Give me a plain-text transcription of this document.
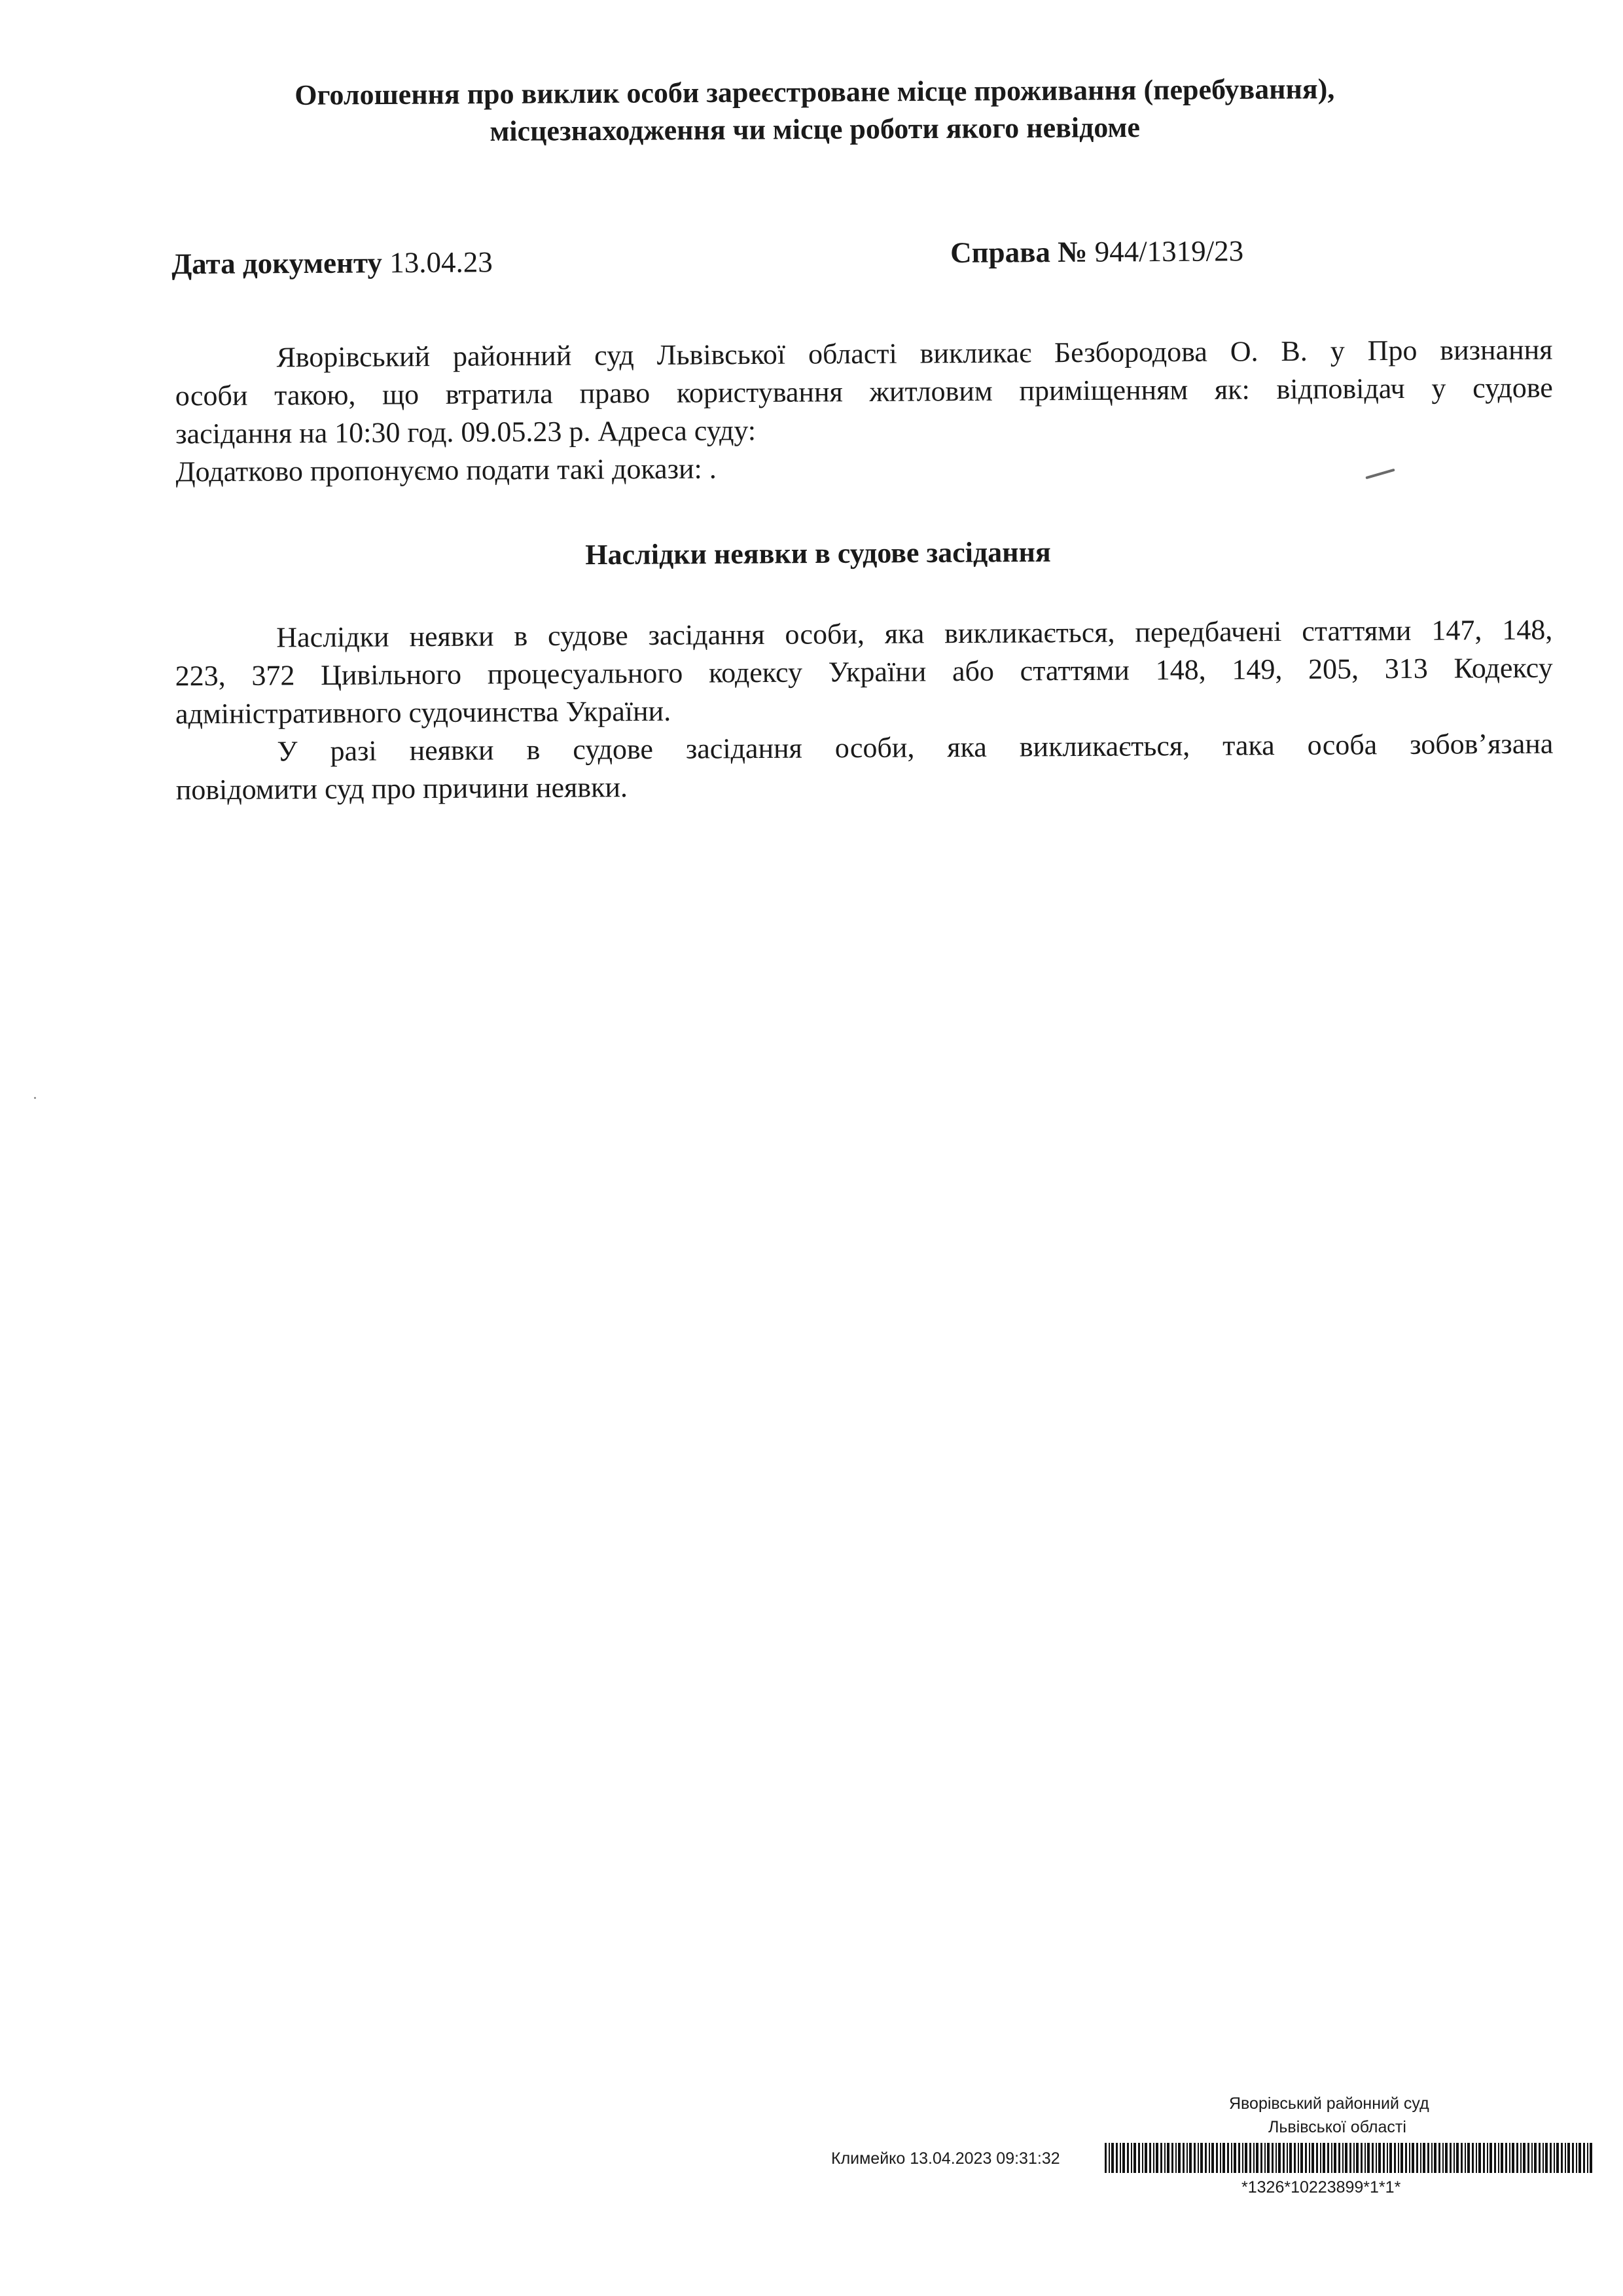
Оголошення про виклик особи зареєстроване місце проживання (перебування),
місцезнаходження чи місце роботи якого невідоме
Дата документу 13.04.23	Справа № 944/1319/23

Яворівський районний суд Львівської області викликає Безбородова О. В. у Про визнання

особи такою, що втратила право користування житловим приміщенням як: відповідач у судове

засідання на 10:30 год. 09.05.23 р. Адреса суду:

Додатково пропонуємо подати такі докази: .

Наслідки неявки в судове засідання

Наслідки неявки в судове засідання особи, яка викликається, передбачені статтями 147, 148,

223, 372 Цивільного процесуального кодексу України або статтями 148, 149, 205, 313 Кодексу

адміністративного судочинства України.

У разі неявки в судове засідання особи, яка викликається, така особа зобов’язана

повідомити суд про причини неявки.

Яворівський районний суд
Львівської області
Климейко 13.04.2023 09:31:32
*1326*10223899*1*1*
